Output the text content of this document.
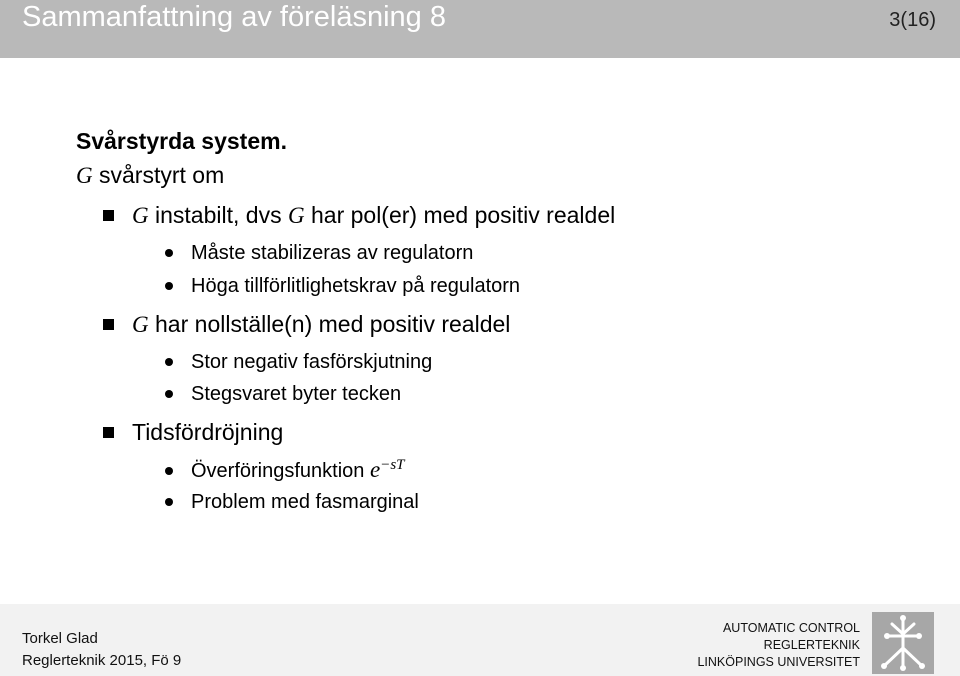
Sammanfattning av föreläsning 8	3(16)
Svårstyrda system.
G svårstyrt om
G instabilt, dvs G har pol(er) med positiv realdel
Måste stabilizeras av regulatorn
Höga tillförlitlighetskrav på regulatorn
G har nollställe(n) med positiv realdel
Stor negativ fasförskjutning
Stegsvaret byter tecken
Tidsfördröjning
Överföringsfunktion $e^{-sT}$
Problem med fasmarginal
Torkel Glad
Reglerteknik 2015, Fö 9
AUTOMATIC CONTROL
REGLERTEKNIK
LINKÖPINGS UNIVERSITET
